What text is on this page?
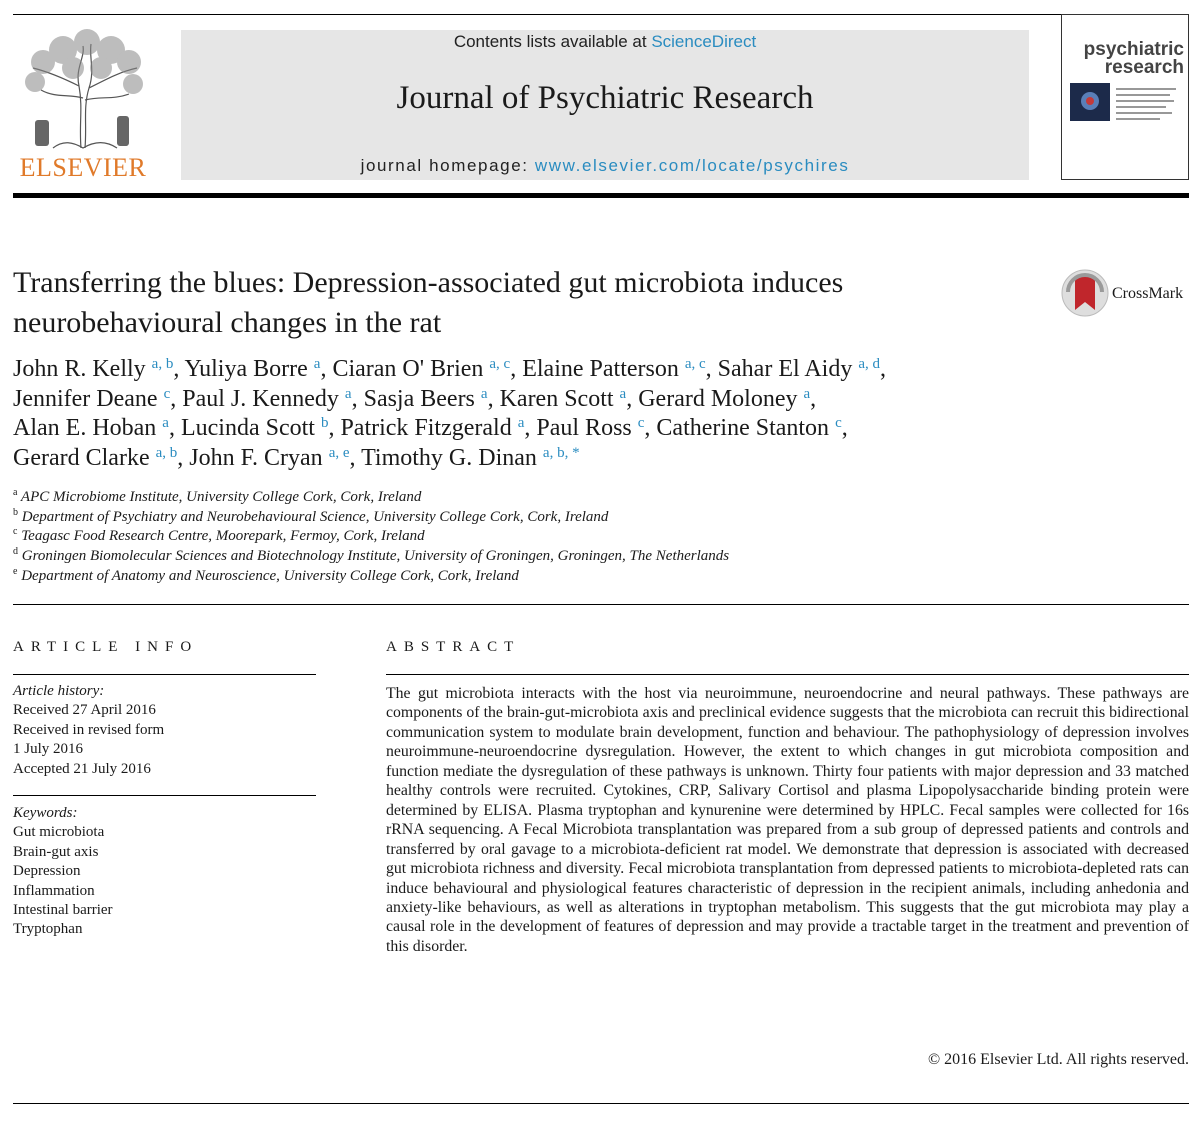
ELSEVIER
Contents lists available at ScienceDirect
Journal of Psychiatric Research
journal homepage: www.elsevier.com/locate/psychires
psychiatric
research
Transferring the blues: Depression-associated gut microbiota induces neurobehavioural changes in the rat
CrossMark
John R. Kelly $^{a, b}$, Yuliya Borre $^a$, Ciaran O' Brien $^{a, c}$, Elaine Patterson $^{a, c}$, Sahar El Aidy $^{a, d}$,
Jennifer Deane $^c$, Paul J. Kennedy $^a$, Sasja Beers $^a$, Karen Scott $^a$, Gerard Moloney $^a$,
Alan E. Hoban $^a$, Lucinda Scott $^b$, Patrick Fitzgerald $^a$, Paul Ross $^c$, Catherine Stanton $^c$,
Gerard Clarke $^{a, b}$, John F. Cryan $^{a, e}$, Timothy G. Dinan $^{a, b, *}$
$^a$ APC Microbiome Institute, University College Cork, Cork, Ireland
$^b$ Department of Psychiatry and Neurobehavioural Science, University College Cork, Cork, Ireland
$^c$ Teagasc Food Research Centre, Moorepark, Fermoy, Cork, Ireland
$^d$ Groningen Biomolecular Sciences and Biotechnology Institute, University of Groningen, Groningen, The Netherlands
$^e$ Department of Anatomy and Neuroscience, University College Cork, Cork, Ireland
ARTICLE INFO
Article history:
Received 27 April 2016
Received in revised form
1 July 2016
Accepted 21 July 2016
Keywords:
Gut microbiota
Brain-gut axis
Depression
Inflammation
Intestinal barrier
Tryptophan
ABSTRACT
The gut microbiota interacts with the host via neuroimmune, neuroendocrine and neural pathways. These pathways are components of the brain-gut-microbiota axis and preclinical evidence suggests that the microbiota can recruit this bidirectional communication system to modulate brain development, function and behaviour. The pathophysiology of depression involves neuroimmune-neuroendocrine dysregulation. However, the extent to which changes in gut microbiota composition and function mediate the dysregulation of these pathways is unknown. Thirty four patients with major depression and 33 matched healthy controls were recruited. Cytokines, CRP, Salivary Cortisol and plasma Lipopolysaccharide binding protein were determined by ELISA. Plasma tryptophan and kynurenine were determined by HPLC. Fecal samples were collected for 16s rRNA sequencing. A Fecal Microbiota transplantation was prepared from a sub group of depressed patients and controls and transferred by oral gavage to a microbiota-deficient rat model. We demonstrate that depression is associated with decreased gut microbiota richness and diversity. Fecal microbiota transplantation from depressed patients to microbiota-depleted rats can induce behavioural and physiological features characteristic of depression in the recipient animals, including anhedonia and anxiety-like behaviours, as well as alterations in tryptophan metabolism. This suggests that the gut microbiota may play a causal role in the development of features of depression and may provide a tractable target in the treatment and prevention of this disorder.
© 2016 Elsevier Ltd. All rights reserved.
